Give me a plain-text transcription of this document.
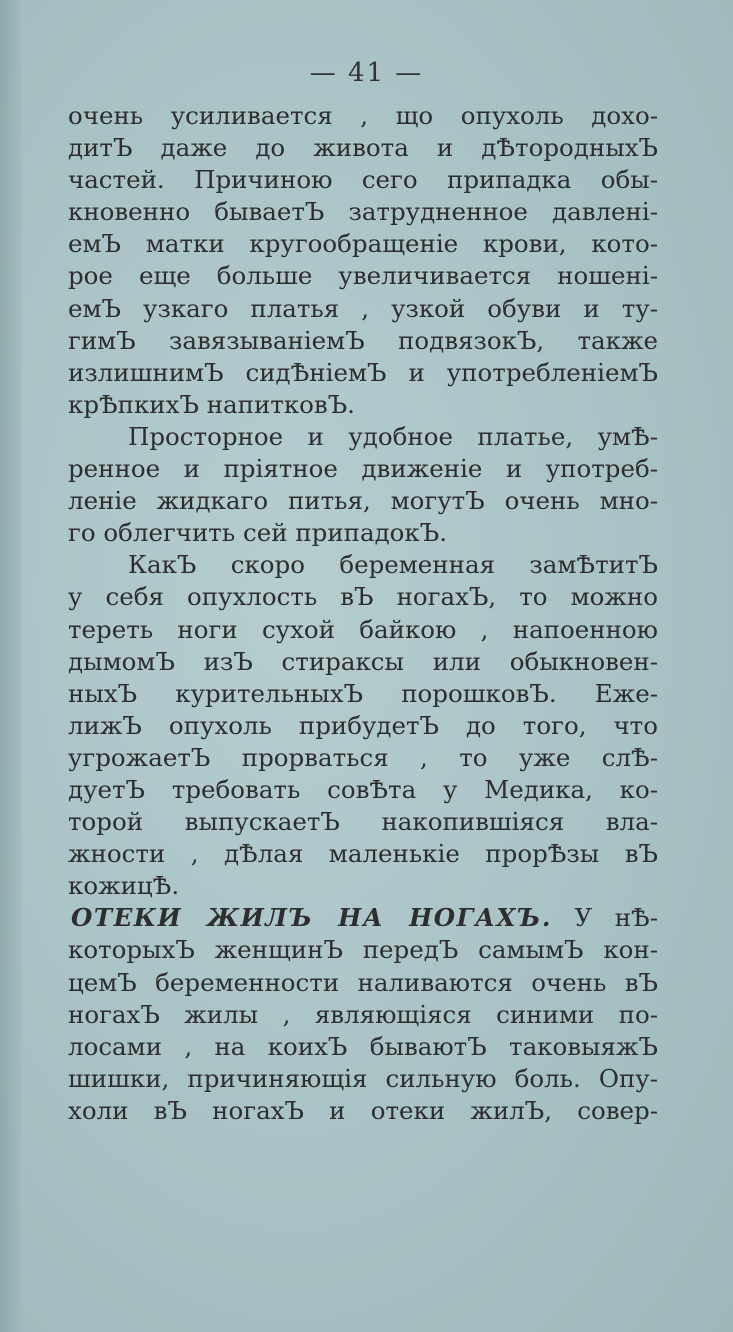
— 41 —
очень усиливается , що опухоль дохо-
дитЪ даже до живота и дѢтородныхЪ
частей. Причиною сего припадка обы-
кновенно бываетЪ затрудненное давлені-
емЪ матки кругообращеніе крови, кото-
рое еще больше увеличивается ношені-
емЪ узкаго платья , узкой обуви и ту-
гимЪ завязываніемЪ подвязокЪ, также
излишнимЪ сидѢніемЪ и употребленіемЪ
крѢпкихЪ напитковЪ.
Просторное и удобное платье, умѢ-
ренное и пріятное движеніе и употреб-
леніе жидкаго питья, могутЪ очень мно-
го облегчить сей припадокЪ.
КакЪ скоро беременная замѢтитЪ
у себя опухлость вЪ ногахЪ, то можно
тереть ноги сухой байкою , напоенною
дымомЪ изЪ стираксы или обыкновен-
ныхЪ курительныхЪ порошковЪ. Еже-
лижЪ опухоль прибудетЪ до того, что
угрожаетЪ прорваться , то уже слѢ-
дуетЪ требовать совѢта у Медика, ко-
торой выпускаетЪ накопившіяся вла-
жности , дѢлая маленькіе прорѢзы вЪ
кожицѢ.
ОТЕКИ ЖИЛЪ НА НОГАХЪ. У нѢ-
которыхЪ женщинЪ передЪ самымЪ кон-
цемЪ беременности наливаются очень вЪ
ногахЪ жилы , являющіяся синими по-
лосами , на коихЪ бываютЪ таковыяжЪ
шишки, причиняющія сильную боль. Опу-
холи вЪ ногахЪ и отеки жилЪ, совер-
